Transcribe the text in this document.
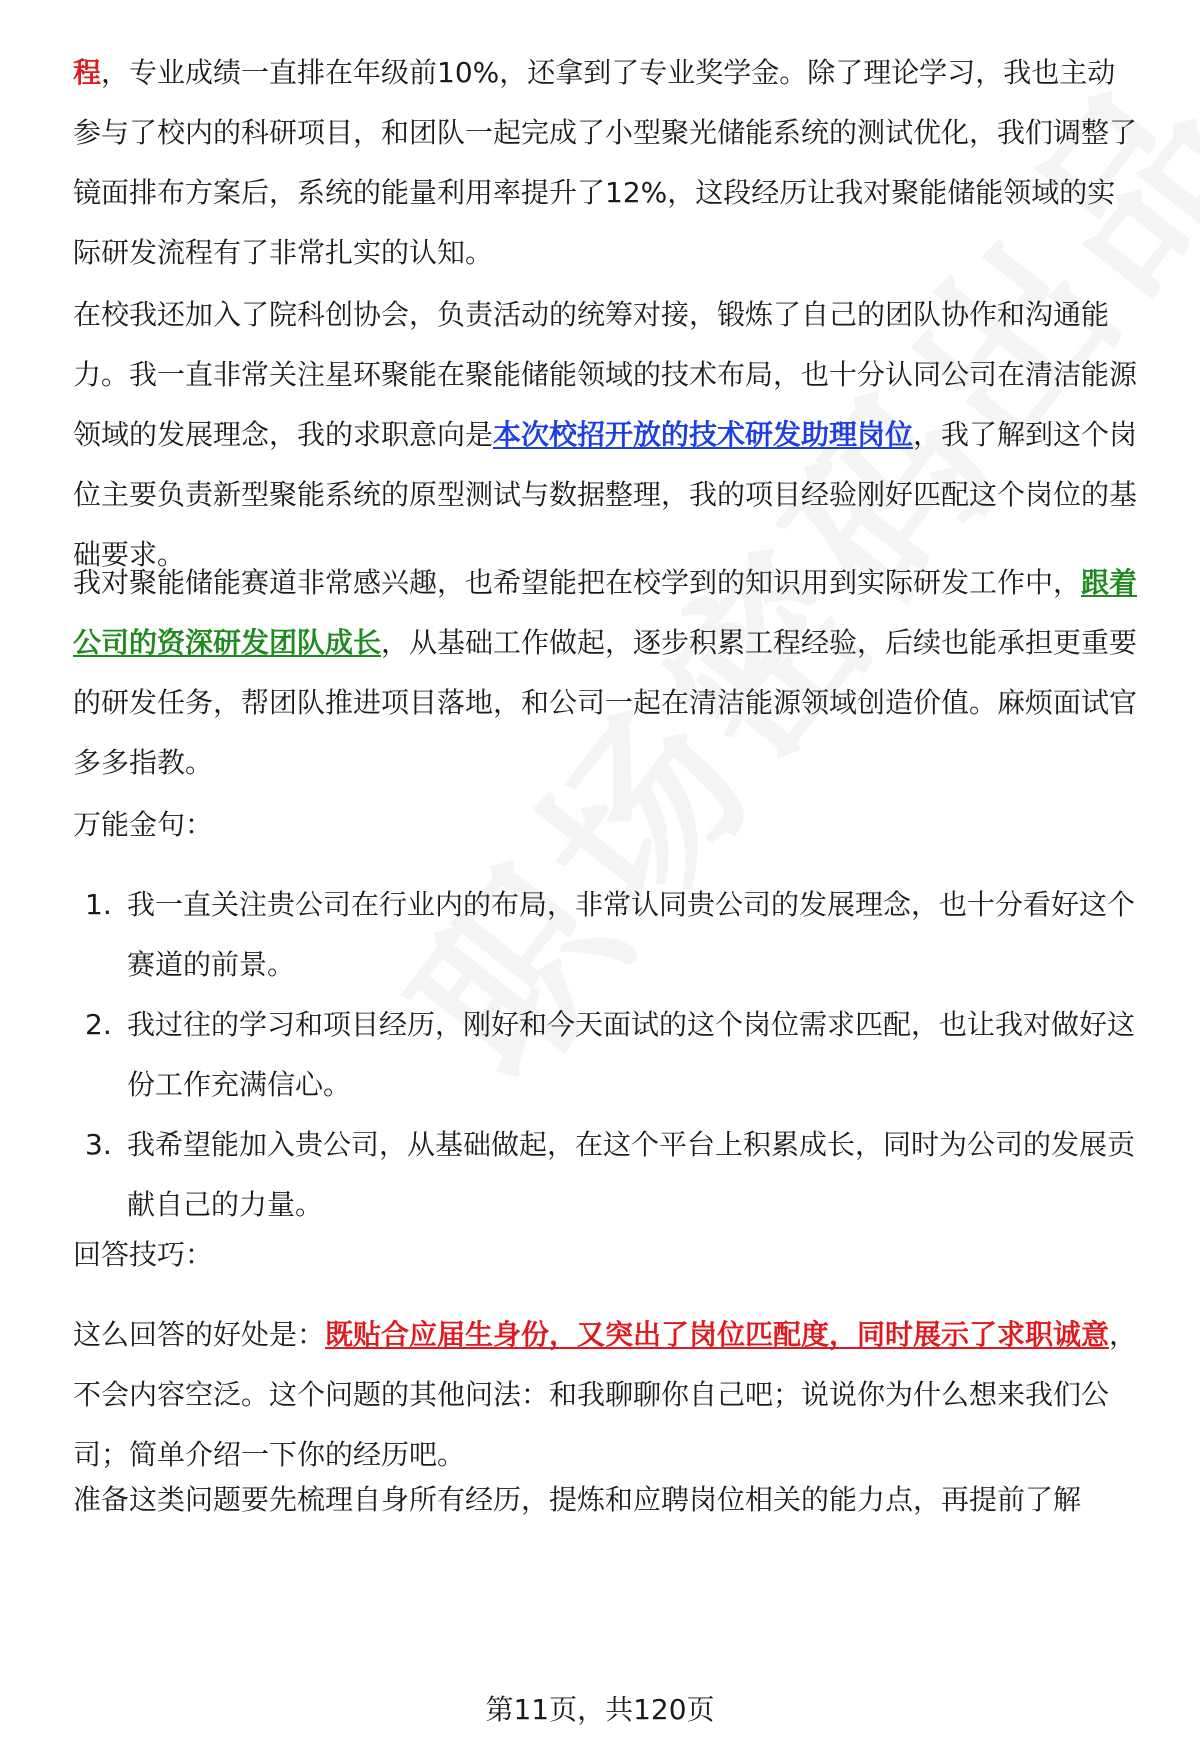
程，专业成绩一直排在年级前10%，还拿到了专业奖学金。除了理论学习，我也主动参与了校内的科研项目，和团队一起完成了小型聚光储能系统的测试优化，我们调整了镜面排布方案后，系统的能量利用率提升了12%，这段经历让我对聚能储能领域的实际研发流程有了非常扎实的认知。

在校我还加入了院科创协会，负责活动的统筹对接，锻炼了自己的团队协作和沟通能力。我一直非常关注星环聚能在聚能储能领域的技术布局，也十分认同公司在清洁能源领域的发展理念，我的求职意向是本次校招开放的技术研发助理岗位，我了解到这个岗位主要负责新型聚能系统的原型测试与数据整理，我的项目经验刚好匹配这个岗位的基础要求。

我对聚能储能赛道非常感兴趣，也希望能把在校学到的知识用到实际研发工作中，跟着公司的资深研发团队成长，从基础工作做起，逐步积累工程经验，后续也能承担更重要的研发任务，帮团队推进项目落地，和公司一起在清洁能源领域创造价值。麻烦面试官多多指教。

万能金句：

1. 我一直关注贵公司在行业内的布局，非常认同贵公司的发展理念，也十分看好这个赛道的前景。
2. 我过往的学习和项目经历，刚好和今天面试的这个岗位需求匹配，也让我对做好这份工作充满信心。
3. 我希望能加入贵公司，从基础做起，在这个平台上积累成长，同时为公司的发展贡献自己的力量。

回答技巧：

这么回答的好处是：既贴合应届生身份，又突出了岗位匹配度，同时展示了求职诚意，不会内容空泛。这个问题的其他问法：和我聊聊你自己吧；说说你为什么想来我们公司；简单介绍一下你的经历吧。

准备这类问题要先梳理自身所有经历，提炼和应聘岗位相关的能力点，再提前了解

第11页，共120页
